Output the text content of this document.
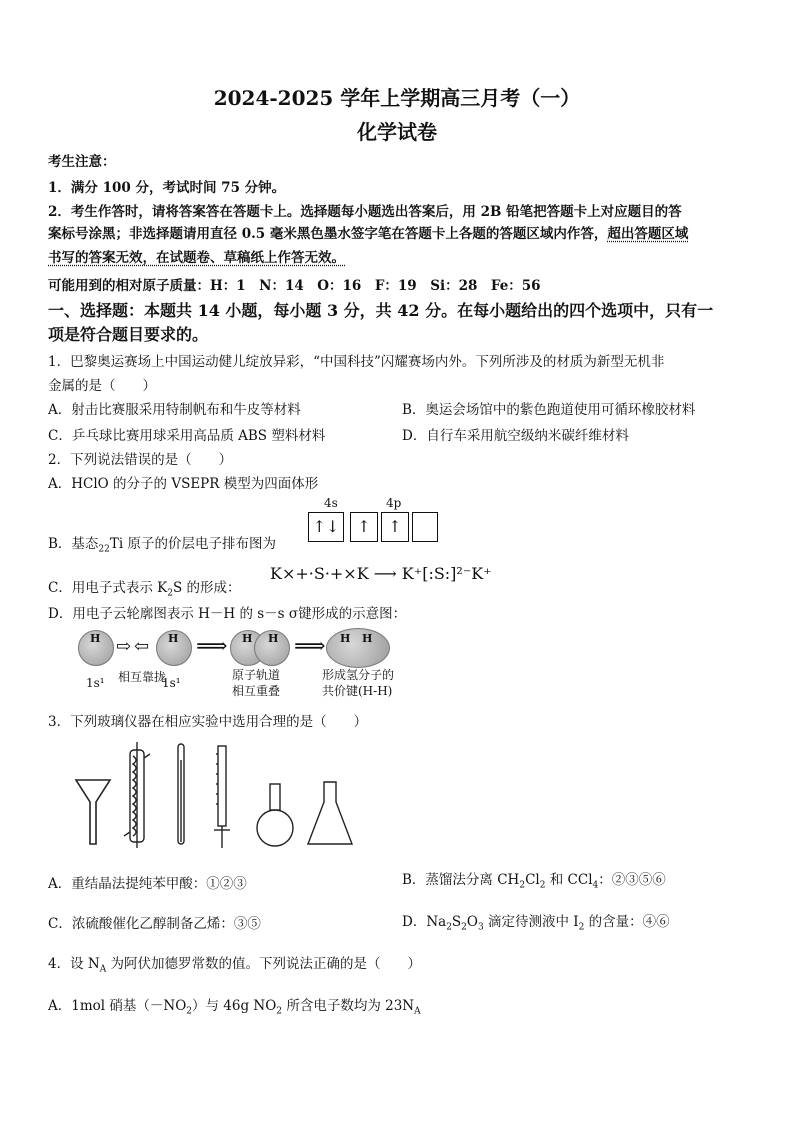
2024-2025 学年上学期高三月考（一）
化学试卷
考生注意：
1．满分 100 分，考试时间 75 分钟。
2．考生作答时，请将答案答在答题卡上。选择题每小题选出答案后，用 2B 铅笔把答题卡上对应题目的答
案标号涂黑；非选择题请用直径 0.5 毫米黑色墨水签字笔在答题卡上各题的答题区域内作答，超出答题区域
书写的答案无效，在试题卷、草稿纸上作答无效。
可能用到的相对原子质量：H：1　N：14　O：16　F：19　Si：28　Fe：56
一、选择题：本题共 14 小题，每小题 3 分，共 42 分。在每小题给出的四个选项中，只有一
项是符合题目要求的。
1．巴黎奥运赛场上中国运动健儿绽放异彩，“中国科技”闪耀赛场内外。下列所涉及的材质为新型无机非
金属的是（　　）
A．射击比赛服采用特制帆布和牛皮等材料	B．奥运会场馆中的紫色跑道使用可循环橡胶材料
C．乒乓球比赛用球采用高品质 ABS 塑料材料	D．自行车采用航空级纳米碳纤维材料
2．下列说法错误的是（　　）
A．HClO 的分子的 VSEPR 模型为四面体形
B．基态$_{22}$Ti 原子的价层电子排布图为
4s	4p
↑↓	↑	↑
C．用电子式表示 $K_2S$ 的形成：
K×+·S·+×K ⟶ K⁺[:S:]²⁻K⁺
D．用电子云轮廓图表示 H－H 的 s－s σ键形成的示意图：
H ⇨ ⇦ H ⟹ H H ⟹ H H
1s¹ 相互靠拢
1s¹
原子轨道
相互重叠
形成氢分子的
共价键(H-H)
3．下列玻璃仪器在相应实验中选用合理的是（　　）
A．重结晶法提纯苯甲酸：①②③	B．蒸馏法分离 $CH_2Cl_2$ 和 CCl$_4$：②③⑤⑥
C．浓硫酸催化乙醇制备乙烯：③⑤	D．$Na_2S_2O_3$ 滴定待测液中 $I_2$ 的含量：④⑥
4．设 $N_A$ 为阿伏加德罗常数的值。下列说法正确的是（　　）
A．1mol 硝基$(-NO_2)$与 46g $NO_2$ 所含电子数均为 $23N_A$
